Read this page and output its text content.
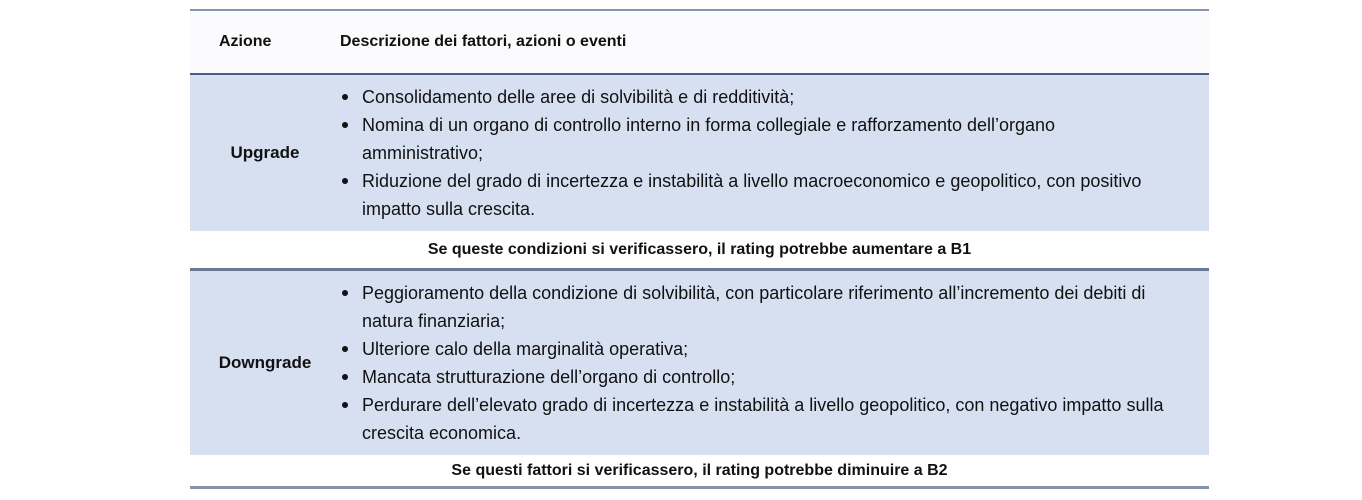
Azione	Descrizione dei fattori, azioni o eventi
Upgrade
Consolidamento delle aree di solvibilità e di redditività;
Nomina di un organo di controllo interno in forma collegiale e rafforzamento dell’organo amministrativo;
Riduzione del grado di incertezza e instabilità a livello macroeconomico e geopolitico, con positivo impatto sulla crescita.
Se queste condizioni si verificassero, il rating potrebbe aumentare a B1
Downgrade
Peggioramento della condizione di solvibilità, con particolare riferimento all’incremento dei debiti di natura finanziaria;
Ulteriore calo della marginalità operativa;
Mancata strutturazione dell’organo di controllo;
Perdurare dell’elevato grado di incertezza e instabilità a livello geopolitico, con negativo impatto sulla crescita economica.
Se questi fattori si verificassero, il rating potrebbe diminuire a B2
